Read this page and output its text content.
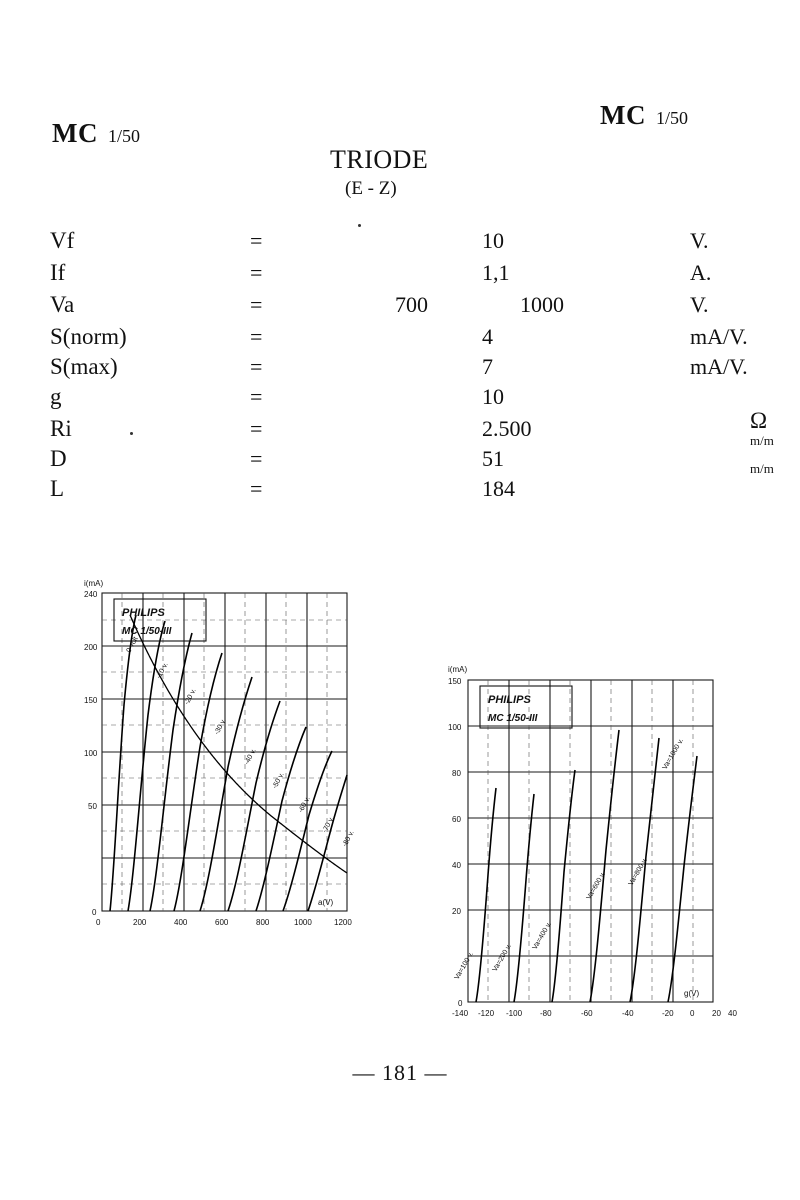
MC 1/50
MC 1/50
TRIODE
(E - Z)
Vf	=	10	V.
If	=	1,1	A.
Va	=	700	1000	V.
S(norm)	=	4	mA/V.
S(max)	=	7	mA/V.
g	=	10
Ri	=	2.500	Ω
m/m
D	=	51	m/m
L	=	184
240
200
150
100
50
0
0	200	400	600	800	1000	1200
i(mA)
a(V)
0 volt
-10 v.
-20 v.
-30 v.
-40 v.
-50 v.
-60 v.
-70 v.
-80 v.
PHILIPS
MC 1/50-III
150
100
80
60
40
20
0
-140 -120 -100 -80	-60	-40	-20 0 20 40
i(mA)
g(V)
Va=100 v. Va=200 v.
Va=400 v.
Va=600 v.	Va=800 v.
Va=1000 v.
PHILIPS
MC 1/50-III
— 181 —
